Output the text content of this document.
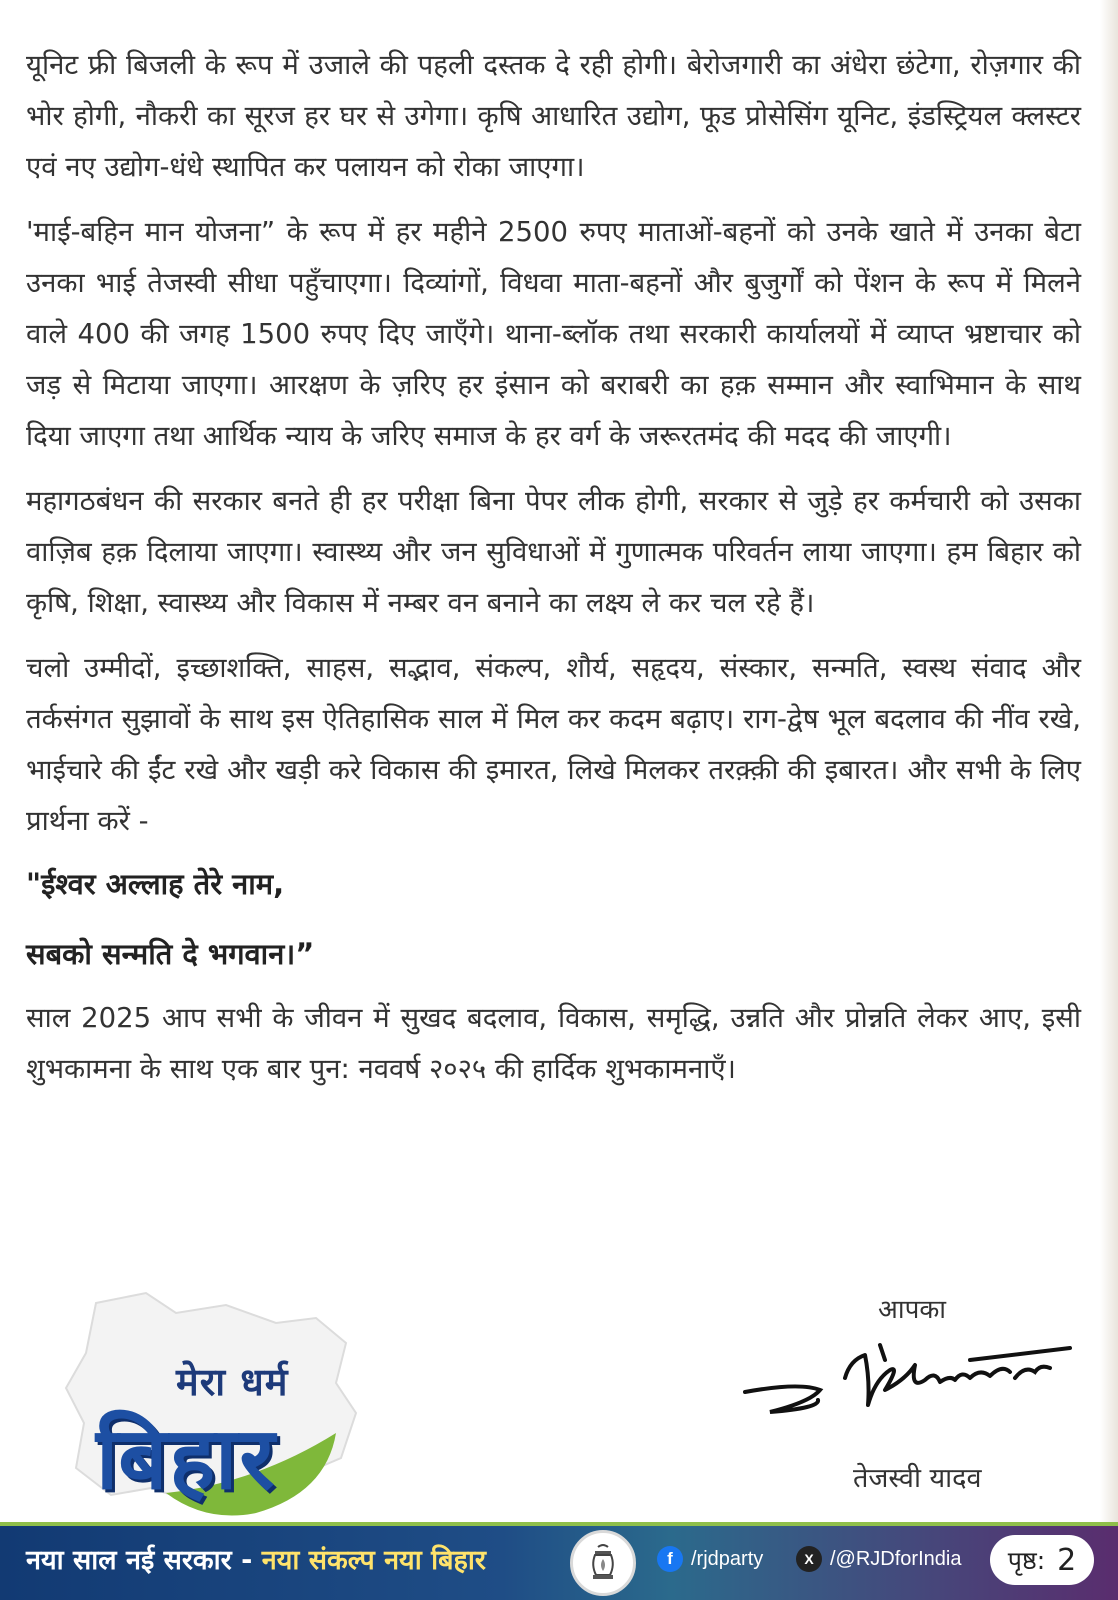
यूनिट फ्री बिजली के रूप में उजाले की पहली दस्तक दे रही होगी। बेरोजगारी का अंधेरा छंटेगा, रोज़गार की भोर होगी, नौकरी का सूरज हर घर से उगेगा। कृषि आधारित उद्योग, फूड प्रोसेसिंग यूनिट, इंडस्ट्रियल क्लस्टर एवं नए उद्योग-धंधे स्थापित कर पलायन को रोका जाएगा।

'माई-बहिन मान योजना” के रूप में हर महीने 2500 रुपए माताओं-बहनों को उनके खाते में उनका बेटा उनका भाई तेजस्वी सीधा पहुँचाएगा। दिव्यांगों, विधवा माता-बहनों और बुजुर्गों को पेंशन के रूप में मिलने वाले 400 की जगह 1500 रुपए दिए जाएँगे। थाना-ब्लॉक तथा सरकारी कार्यालयों में व्याप्त भ्रष्टाचार को जड़ से मिटाया जाएगा। आरक्षण के ज़रिए हर इंसान को बराबरी का हक़ सम्मान और स्वाभिमान के साथ दिया जाएगा तथा आर्थिक न्याय के जरिए समाज के हर वर्ग के जरूरतमंद की मदद की जाएगी।

महागठबंधन की सरकार बनते ही हर परीक्षा बिना पेपर लीक होगी, सरकार से जुड़े हर कर्मचारी को उसका वाज़िब हक़ दिलाया जाएगा। स्वास्थ्य और जन सुविधाओं में गुणात्मक परिवर्तन लाया जाएगा। हम बिहार को कृषि, शिक्षा, स्वास्थ्य और विकास में नम्बर वन बनाने का लक्ष्य ले कर चल रहे हैं।

चलो उम्मीदों, इच्छाशक्ति, साहस, सद्भाव, संकल्प, शौर्य, सहृदय, संस्कार, सन्मति, स्वस्थ संवाद और तर्कसंगत सुझावों के साथ इस ऐतिहासिक साल में मिल कर कदम बढ़ाए। राग-द्वेष भूल बदलाव की नींव रखे, भाईचारे की ईंट रखे और खड़ी करे विकास की इमारत, लिखे मिलकर तरक़्क़ी की इबारत। और सभी के लिए प्रार्थना करें -

"ईश्वर अल्लाह तेरे नाम,

सबको सन्मति दे भगवान।”

साल 2025 आप सभी के जीवन में सुखद बदलाव, विकास, समृद्धि, उन्नति और प्रोन्नति लेकर आए, इसी शुभकामना के साथ एक बार पुन: नववर्ष २०२५ की हार्दिक शुभकामनाएँ।

आपका
तेजस्वी यादव
मेरा धर्म
बिहार
नया साल नई सरकार - नया संकल्प नया बिहार	f /rjdparty	X /@RJDforIndia पृष्ठ: 2
